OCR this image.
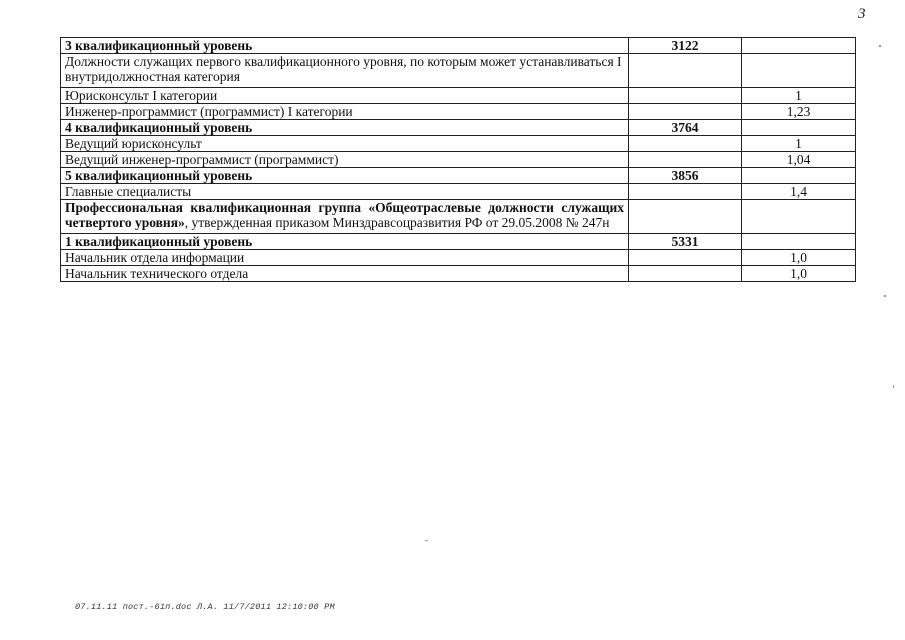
3
3 квалификационный уровень	3122	
Должности служащих первого квалификационного уровня, по которым может устанавливаться I внутридолжностная категория		
Юрисконсульт I категории		1
Инженер-программист (программист) I категории		1,23
4 квалификационный уровень	3764	
Ведущий юрисконсульт		1
Ведущий инженер-программист (программист)		1,04
5 квалификационный уровень	3856	
Главные специалисты		1,4
Профессиональная квалификационная группа «Общеотраслевые должности служащих четвертого уровня», утвержденная приказом Минздравсоцразвития РФ от 29.05.2008 № 247н		
1 квалификационный уровень	5331	
Начальник отдела информации		1,0
Начальник технического отдела		1,0
07.11.11 пост.-61п.doc Л.А. 11/7/2011 12:10:00 PM
